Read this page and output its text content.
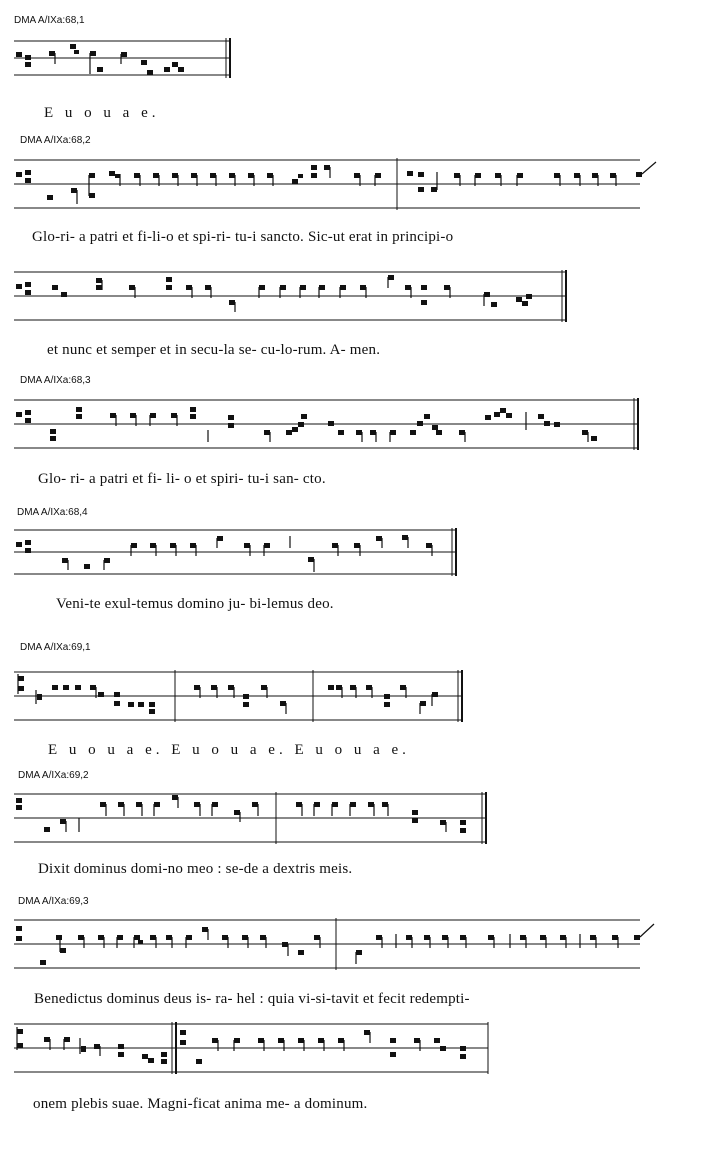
DMA A/IXa:68,1
E u o u a e.
DMA A/IXa:68,2
Glo-ri- a patri et fi-li-o et spi-ri- tu-i sancto. Sic-ut erat in principi-o
et nunc et semper et in secu-la se- cu-lo-rum. A- men.
DMA A/IXa:68,3
Glo- ri- a patri et fi- li- o et spiri- tu-i san- cto.
DMA A/IXa:68,4
Veni-te exul-temus domino ju- bi-lemus deo.
DMA A/IXa:69,1
E u o u a e. E u o u a e. E u o u a e.
DMA A/IXa:69,2
Dixit dominus domi-no meo : se-de a dextris meis.
DMA A/IXa:69,3
Benedictus dominus deus is- ra- hel : quia vi-si-tavit et fecit redempti-
onem plebis suae. Magni-ficat anima me- a dominum.
